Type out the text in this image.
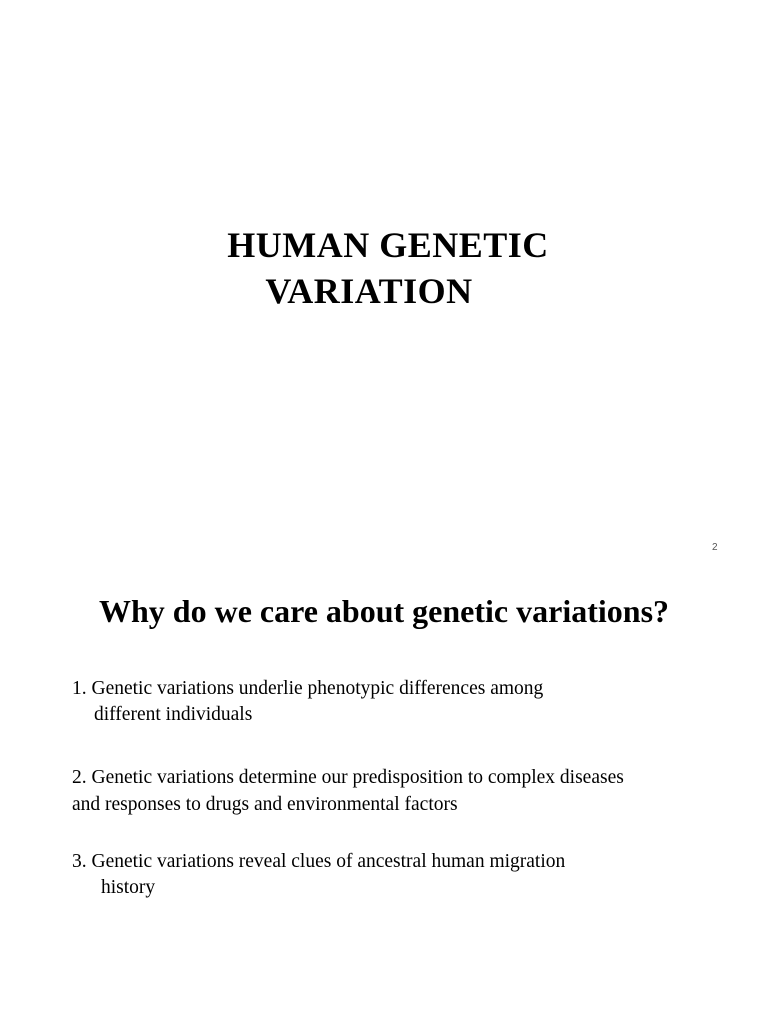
HUMAN GENETIC
VARIATION
2
Why do we care about genetic variations?
1. Genetic variations underlie phenotypic differences among
different individuals
2. Genetic variations determine our predisposition to complex diseases
and responses to drugs and environmental factors
3. Genetic variations reveal clues of ancestral human migration
history
